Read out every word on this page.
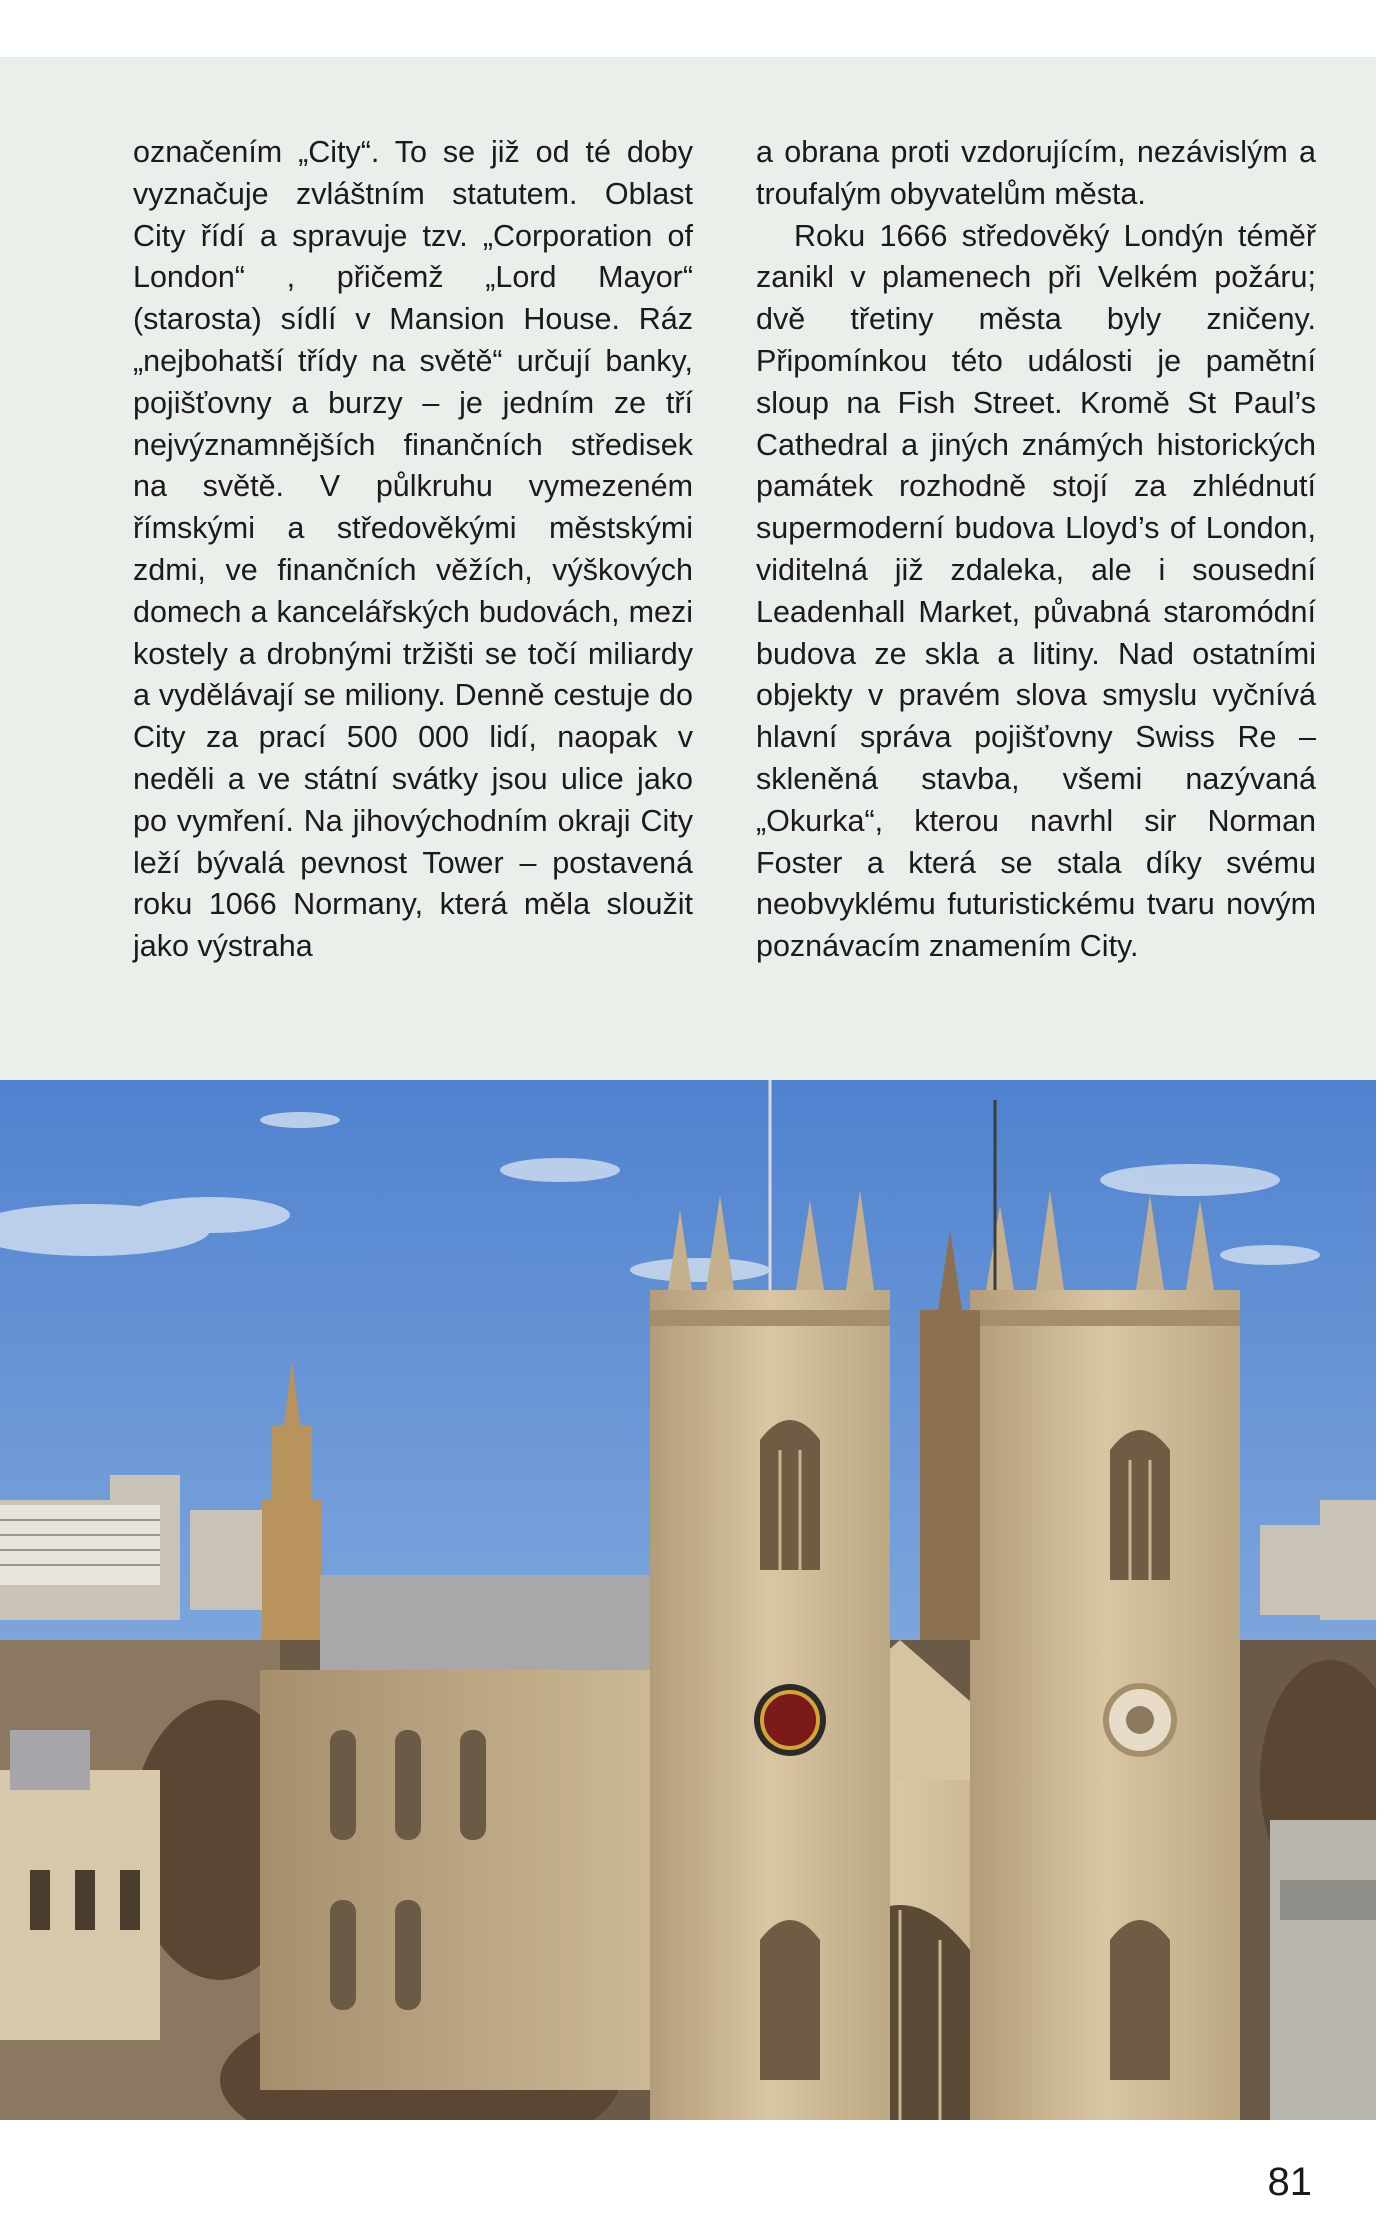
označením „City“. To se již od té doby vyznačuje zvláštním statutem. Oblast City řídí a spravuje tzv. „Corporation of London“ , přičemž „Lord Mayor“ (starosta) sídlí v Mansion House. Ráz „nejbohatší třídy na světě“ určují banky, pojišťovny a burzy – je jedním ze tří nejvýznamnějších finančních středisek na světě. V půlkruhu vymezeném římskými a středověkými městskými zdmi, ve finančních věžích, výškových domech a kancelářských budovách, mezi kostely a drobnými tržišti se točí miliardy a vydělávají se miliony. Denně cestuje do City za prací 500 000 lidí, naopak v neděli a ve státní svátky jsou ulice jako po vymření. Na jihovýchodním okraji City leží bývalá pevnost Tower – postavená roku 1066 Normany, která měla sloužit jako výstraha

a obrana proti vzdorujícím, nezávislým a troufalým obyvatelům města.

Roku 1666 středověký Londýn téměř zanikl v plamenech při Velkém požáru; dvě třetiny města byly zničeny. Připomínkou této události je pamětní sloup na Fish Street. Kromě St Paul’s Cathedral a jiných známých historických památek rozhodně stojí za zhlédnutí supermoderní budova Lloyd’s of London, viditelná již zdaleka, ale i sousední Leadenhall Market, půvabná staromódní budova ze skla a litiny. Nad ostatními objekty v pravém slova smyslu vyčnívá hlavní správa pojišťovny Swiss Re – skleněná stavba, všemi nazývaná „Okurka“, kterou navrhl sir Norman Foster a která se stala díky svému neobvyklému futuristickému tvaru novým poznávacím znamením City.

81
